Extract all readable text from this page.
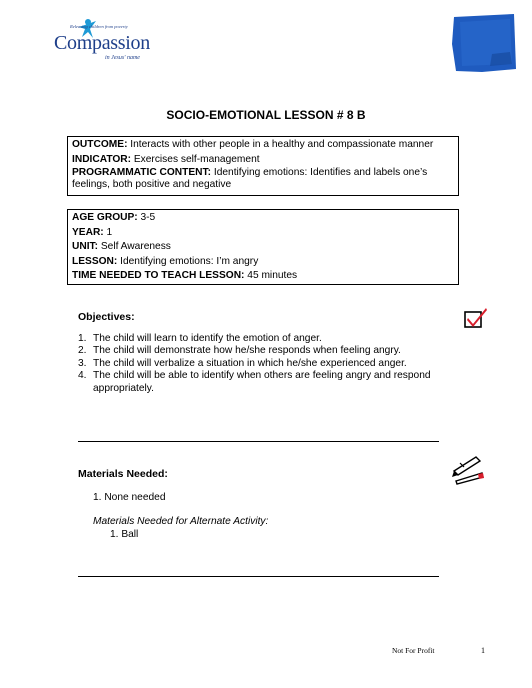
Releasing children from poverty
Compassion
in Jesus' name
SOCIO-EMOTIONAL LESSON # 8 B
OUTCOME: Interacts with other people in a healthy and compassionate manner
INDICATOR: Exercises self-management
PROGRAMMATIC CONTENT: Identifying emotions: Identifies and labels one’s feelings, both positive and negative
AGE GROUP: 3-5
YEAR: 1
UNIT: Self Awareness
LESSON: Identifying emotions: I’m angry
TIME NEEDED TO TEACH LESSON: 45 minutes
Objectives:
1. The child will learn to identify the emotion of anger.
2. The child will demonstrate how he/she responds when feeling angry.
3. The child will verbalize a situation in which he/she experienced anger.
4. The child will be able to identify when others are feeling angry and respond appropriately.
Materials Needed:
1. None needed
Materials Needed for Alternate Activity:
1. Ball
Not For Profit	1
